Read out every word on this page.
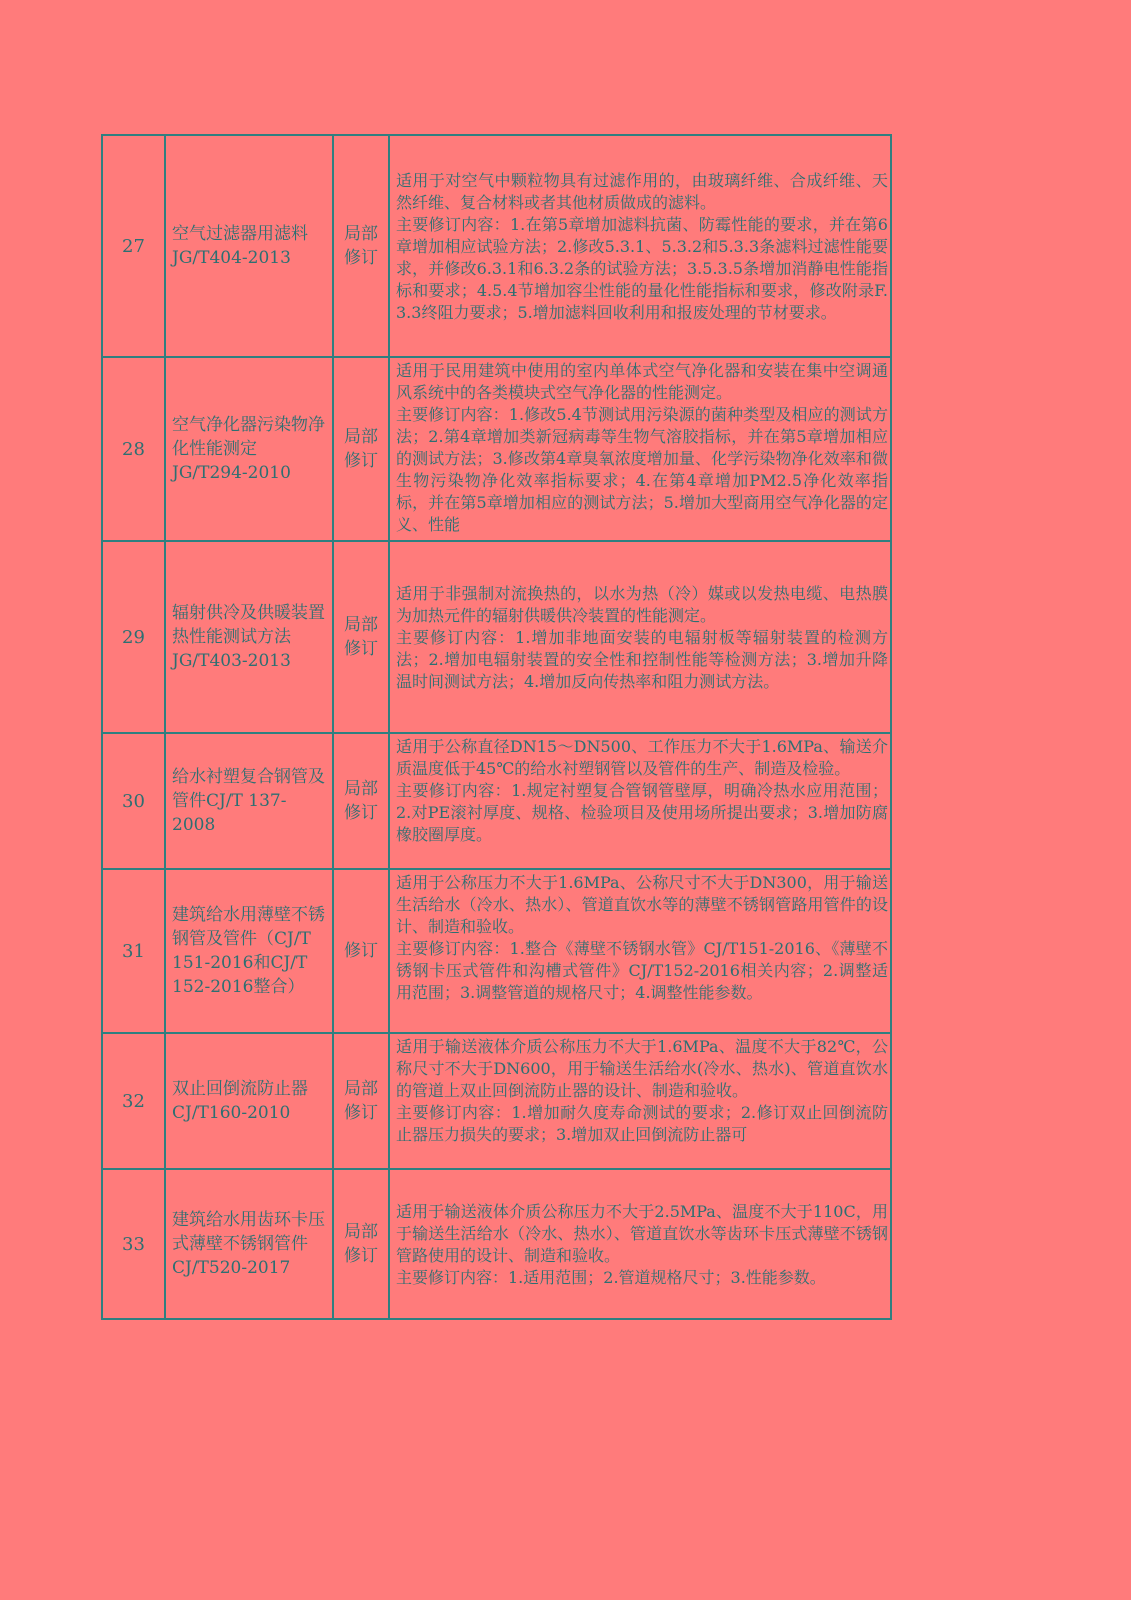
27
空气过滤器用滤料JG/T404-2013
局部修订
适用于对空气中颗粒物具有过滤作用的，由玻璃纤维、合成纤维、天然纤维、复合材料或者其他材质做成的滤料。
主要修订内容：1.在第5章增加滤料抗菌、防霉性能的要求，并在第6章增加相应试验方法；2.修改5.3.1、5.3.2和5.3.3条滤料过滤性能要求，并修改6.3.1和6.3.2条的试验方法；3.5.3.5条增加消静电性能指标和要求；4.5.4节增加容尘性能的量化性能指标和要求，修改附录F.3.3终阻力要求；5.增加滤料回收利用和报废处理的节材要求。
28
空气净化器污染物净化性能测定JG/T294-2010
局部修订
适用于民用建筑中使用的室内单体式空气净化器和安装在集中空调通风系统中的各类模块式空气净化器的性能测定。
主要修订内容：1.修改5.4节测试用污染源的菌种类型及相应的测试方法；2.第4章增加类新冠病毒等生物气溶胶指标，并在第5章增加相应的测试方法；3.修改第4章臭氧浓度增加量、化学污染物净化效率和微生物污染物净化效率指标要求；4.在第4章增加PM2.5净化效率指标，并在第5章增加相应的测试方法；5.增加大型商用空气净化器的定义、性能
29
辐射供冷及供暖装置热性能测试方法JG/T403-2013
局部修订
适用于非强制对流换热的，以水为热（冷）媒或以发热电缆、电热膜为加热元件的辐射供暖供冷装置的性能测定。
主要修订内容：1.增加非地面安装的电辐射板等辐射装置的检测方法；2.增加电辐射装置的安全性和控制性能等检测方法；3.增加升降温时间测试方法；4.增加反向传热率和阻力测试方法。
30
给水衬塑复合钢管及管件CJ/T 137-2008
局部修订
适用于公称直径DN15～DN500、工作压力不大于1.6MPa、输送介质温度低于45℃的给水衬塑钢管以及管件的生产、制造及检验。
主要修订内容：1.规定衬塑复合管钢管壁厚，明确冷热水应用范围；2.对PE滚衬厚度、规格、检验项目及使用场所提出要求；3.增加防腐橡胶圈厚度。
31
建筑给水用薄壁不锈钢管及管件（CJ/T 151-2016和CJ/T 152-2016整合）
修订
适用于公称压力不大于1.6MPa、公称尺寸不大于DN300，用于输送生活给水（冷水、热水）、管道直饮水等的薄壁不锈钢管路用管件的设计、制造和验收。
主要修订内容：1.整合《薄壁不锈钢水管》CJ/T151-2016、《薄壁不锈钢卡压式管件和沟槽式管件》CJ/T152-2016相关内容；2.调整适用范围；3.调整管道的规格尺寸；4.调整性能参数。
32
双止回倒流防止器CJ/T160-2010
局部修订
适用于输送液体介质公称压力不大于1.6MPa、温度不大于82℃，公称尺寸不大于DN600，用于输送生活给水(冷水、热水)、管道直饮水的管道上双止回倒流防止器的设计、制造和验收。
主要修订内容：1.增加耐久度寿命测试的要求；2.修订双止回倒流防止器压力损失的要求；3.增加双止回倒流防止器可
33
建筑给水用齿环卡压式薄壁不锈钢管件CJ/T520-2017
局部修订
适用于输送液体介质公称压力不大于2.5MPa、温度不大于110C，用于输送生活给水（冷水、热水）、管道直饮水等齿环卡压式薄壁不锈钢管路使用的设计、制造和验收。
主要修订内容：1.适用范围；2.管道规格尺寸；3.性能参数。
